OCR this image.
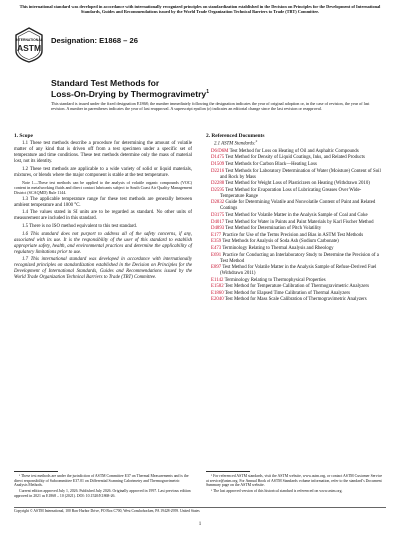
This international standard was developed in accordance with internationally recognized principles on standardization established in the Decision on Principles for the Development of International Standards, Guides and Recommendations issued by the World Trade Organization Technical Barriers to Trade (TBT) Committee.
INTERNATIONAL
ASTM
Designation: E1868 – 26
Standard Test Methods for
Loss-On-Drying by Thermogravimetry$^1$
This standard is issued under the fixed designation E1868; the number immediately following the designation indicates the year of original adoption or, in the case of revision, the year of last revision. A number in parentheses indicates the year of last reapproval. A superscript epsilon (ε) indicates an editorial change since the last revision or reapproval.
1. Scope

1.1 These test methods describe a procedure for determining the amount of volatile matter of any kind that is driven off from a test specimen under a specific set of temperature and time conditions. These test methods determine only the mass of material lost, not its identity.

1.2 These test methods are applicable to a wide variety of solid or liquid materials, mixtures, or blends where the major component is stable at the test temperature.

Note 1—These test methods can be applied to the analysis of volatile organic compounds (VOC) content in metalworking fluids and direct contact lubricants subject to South Coast Air Quality Management District (SCAQMD) Rule 1144.

1.3 The applicable temperature range for these test methods are generally between ambient temperature and 1000 °C.

1.4 The values stated in SI units are to be regarded as standard. No other units of measurement are included in this standard.

1.5 There is no ISO method equivalent to this test standard.

1.6 This standard does not purport to address all of the safety concerns, if any, associated with its use. It is the responsibility of the user of this standard to establish appropriate safety, health, and environmental practices and determine the applicability of regulatory limitations prior to use.

1.7 This international standard was developed in accordance with internationally recognized principles on standardization established in the Decision on Principles for the Development of International Standards, Guides and Recommendations issued by the World Trade Organization Technical Barriers to Trade (TBT) Committee.

2. Referenced Documents
2.1 ASTM Standards:$^2$

D6/D6M Test Method for Loss on Heating of Oil and Asphaltic Compounds

D1475 Test Method for Density of Liquid Coatings, Inks, and Related Products

D1509 Test Methods for Carbon Black—Heating Loss

D2216 Test Methods for Laboratory Determination of Water (Moisture) Content of Soil and Rock by Mass

D2288 Test Method for Weight Loss of Plasticizers on Heating (Withdrawn 2010)

D2595 Test Method for Evaporation Loss of Lubricating Greases Over Wide-Temperature Range

D2832 Guide for Determining Volatile and Nonvolatile Content of Paint and Related Coatings

D3175 Test Method for Volatile Matter in the Analysis Sample of Coal and Coke

D4017 Test Method for Water in Paints and Paint Materials by Karl Fischer Method

D4893 Test Method for Determination of Pitch Volatility

E177 Practice for Use of the Terms Precision and Bias in ASTM Test Methods

E359 Test Methods for Analysis of Soda Ash (Sodium Carbonate)

E473 Terminology Relating to Thermal Analysis and Rheology

E691 Practice for Conducting an Interlaboratory Study to Determine the Precision of a Test Method

E897 Test Method for Volatile Matter in the Analysis Sample of Refuse-Derived Fuel (Withdrawn 2011)

E1142 Terminology Relating to Thermophysical Properties

E1582 Test Method for Temperature Calibration of Thermogravimetric Analyzers

E1860 Test Method for Elapsed Time Calibration of Thermal Analyzers

E2040 Test Method for Mass Scale Calibration of Thermogravimetric Analyzers

¹ These test methods are under the jurisdiction of ASTM Committee E37 on Thermal Measurements and is the direct responsibility of Subcommittee E37.01 on Differential Scanning Calorimetry and Thermogravimetric Analysis Methods.

Current edition approved July 1, 2026. Published July 2026. Originally approved in 1997. Last previous edition approved in 2021 as E1868 – 10 (2021). DOI: 10.1520/E1868-26.

² For referenced ASTM standards, visit the ASTM website, www.astm.org, or contact ASTM Customer Service at service@astm.org. For Annual Book of ASTM Standards volume information, refer to the standard’s Document Summary page on the ASTM website.

³ The last approved version of this historical standard is referenced on www.astm.org.

Copyright © ASTM International, 100 Barr Harbor Drive, PO Box C700, West Conshohocken, PA 19428-2959. United States
1
